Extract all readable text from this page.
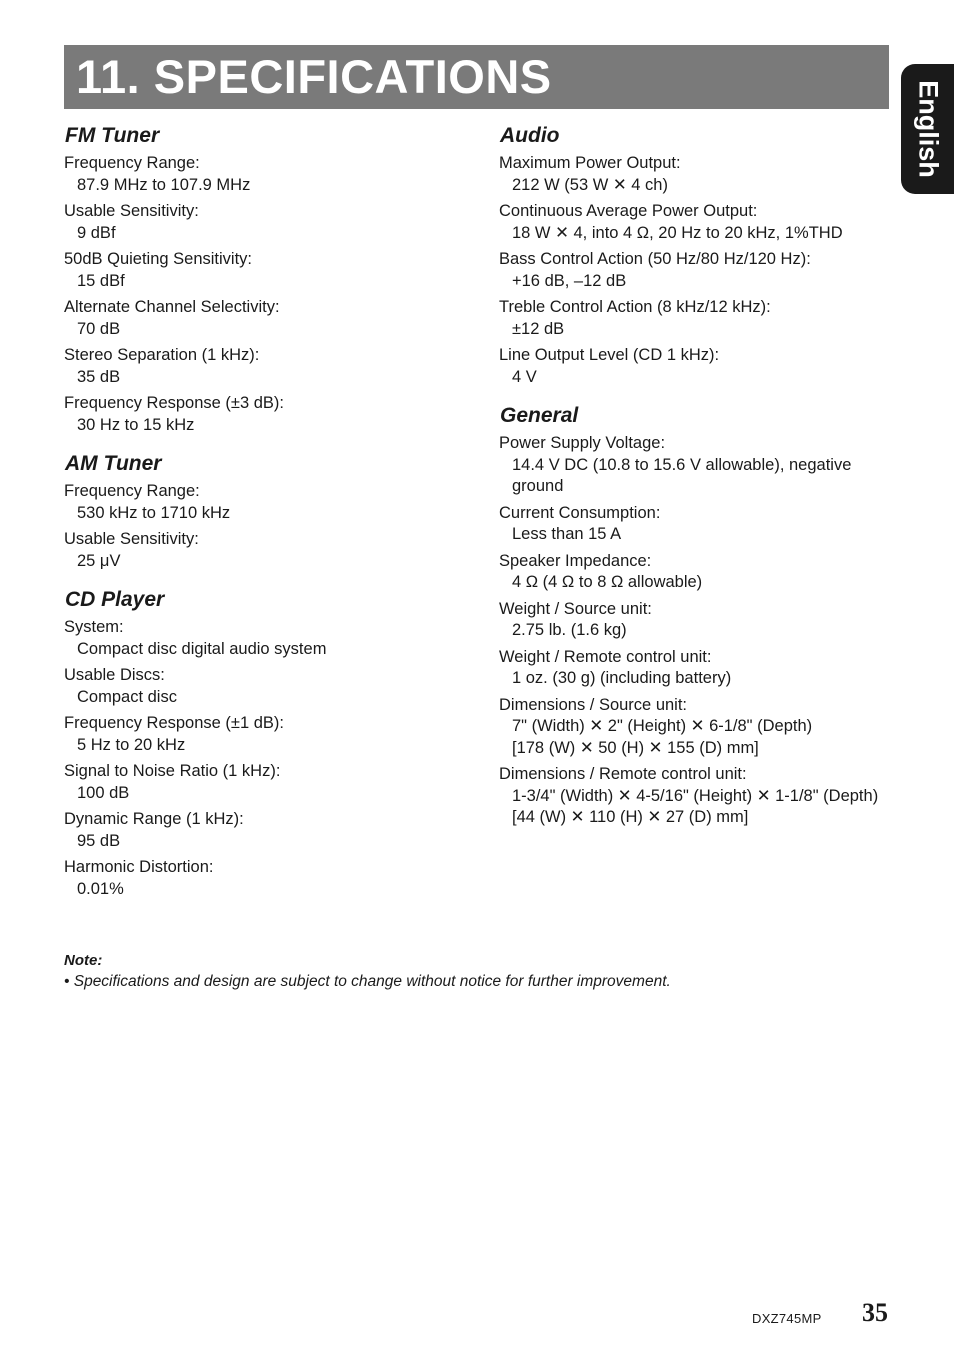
11. SPECIFICATIONS
English
FM Tuner
Frequency Range:
87.9 MHz to 107.9 MHz
Usable Sensitivity:
9 dBf
50dB Quieting Sensitivity:
15 dBf
Alternate Channel Selectivity:
70 dB
Stereo Separation (1 kHz):
35 dB
Frequency Response (±3 dB):
30 Hz to 15 kHz
AM Tuner
Frequency Range:
530 kHz to 1710 kHz
Usable Sensitivity:
25 μV
CD Player
System:
Compact disc digital audio system
Usable Discs:
Compact disc
Frequency Response (±1 dB):
5 Hz to 20 kHz
Signal to Noise Ratio (1 kHz):
100 dB
Dynamic Range (1 kHz):
95 dB
Harmonic Distortion:
0.01%
Audio
Maximum Power Output:
212 W (53 W ✕ 4 ch)
Continuous Average Power Output:
18 W ✕ 4, into 4 Ω, 20 Hz to 20 kHz, 1%THD
Bass Control Action (50 Hz/80 Hz/120 Hz):
+16 dB, –12 dB
Treble Control Action (8 kHz/12 kHz):
±12 dB
Line Output Level (CD 1 kHz):
4 V
General
Power Supply Voltage:
14.4 V DC (10.8 to 15.6 V allowable), negative ground
Current Consumption:
Less than 15 A
Speaker Impedance:
4 Ω (4 Ω to 8 Ω allowable)
Weight / Source unit:
2.75 lb. (1.6 kg)
Weight / Remote control unit:
1 oz. (30 g) (including battery)
Dimensions / Source unit:
7" (Width) ✕ 2" (Height) ✕ 6-1/8" (Depth)
[178 (W) ✕ 50 (H) ✕ 155 (D) mm]
Dimensions / Remote control unit:
1-3/4" (Width) ✕ 4-5/16" (Height) ✕ 1-1/8" (Depth)
[44 (W) ✕ 110 (H) ✕ 27 (D) mm]
Note:
• Specifications and design are subject to change without notice for further improvement.
DXZ745MP 35
